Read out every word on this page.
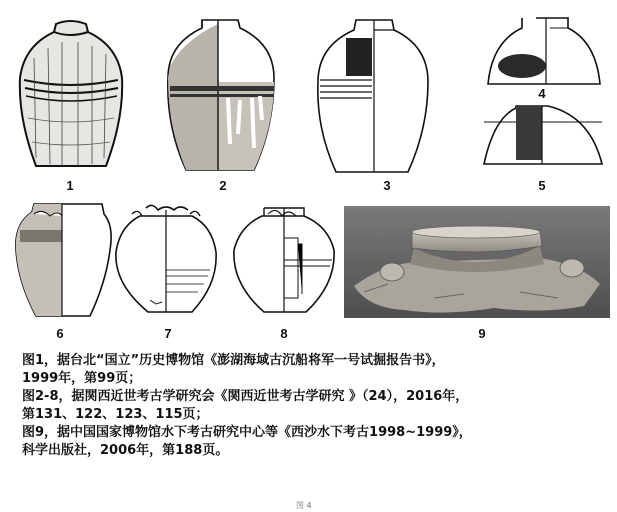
1	2	3
4
5
6	7	8	9

图1，据台北“国立”历史博物馆《澎湖海域古沉船将军一号试掘报告书》，

1999年，第99页；

图2-8，据関西近世考古学研究会《関西近世考古学研究 》（24），2016年，

第131、122、123、115页；

图9，据中国国家博物馆水下考古研究中心等《西沙水下考古1998~1999》，

科学出版社，2006年，第188页。

图 4
